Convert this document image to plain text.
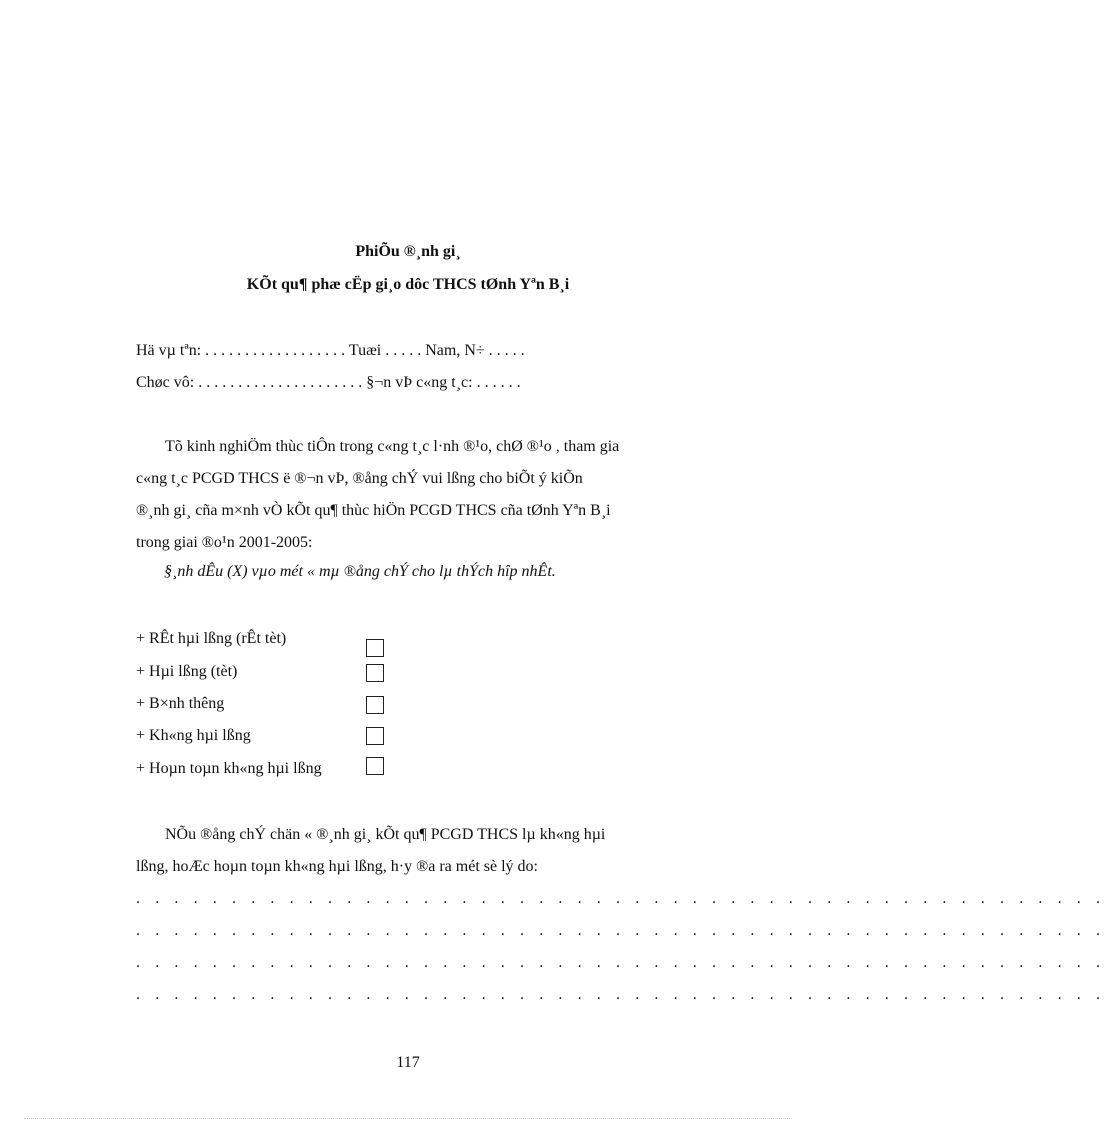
PhiÕu ®¸nh gi¸
KÕt qu¶ phæ cËp gi¸o dôc THCS tØnh Yªn B¸i
Hä vµ tªn: . . . . . . . . . . . . . . . . . . Tuæi . . . . . Nam, N÷ . . . . .
Chøc vô: . . . . . . . . . . . . . . . . . . . . . §¬n vÞ c«ng t¸c: . . . . . .
Tõ kinh nghiÖm thùc tiÔn trong c«ng t¸c l·nh ®¹o, chØ ®¹o , tham gia
c«ng t¸c PCGD THCS ë ®¬n vÞ, ®ång chÝ vui lßng cho biÕt ý kiÕn
®¸nh gi¸ cña m×nh vÒ kÕt qu¶ thùc hiÖn PCGD THCS cña tØnh Yªn B¸i
trong giai ®o¹n 2001-2005:
§¸nh dÊu (X) vµo mét « mµ ®ång chÝ cho lµ thÝch hîp nhÊt.
+ RÊt hµi lßng (rÊt tèt)
+ Hµi lßng (tèt)
+ B×nh thêng
+ Kh«ng hµi lßng
+ Hoµn toµn kh«ng hµi lßng
NÕu ®ång chÝ chän « ®¸nh gi¸ kÕt qu¶ PCGD THCS lµ kh«ng hµi
lßng, hoÆc hoµn toµn kh«ng hµi lßng, h·y ®a ra mét sè lý do:
. . . . . . . . . . . . . . . . . . . . . . . . . . . . . . . . . . . . . . . . . . . . . . . . . . .
. . . . . . . . . . . . . . . . . . . . . . . . . . . . . . . . . . . . . . . . . . . . . . . . . . .
. . . . . . . . . . . . . . . . . . . . . . . . . . . . . . . . . . . . . . . . . . . . . . . . . . .
. . . . . . . . . . . . . . . . . . . . . . . . . . . . . . . . . . . . . . . . . . . . . . . . . . .
117
